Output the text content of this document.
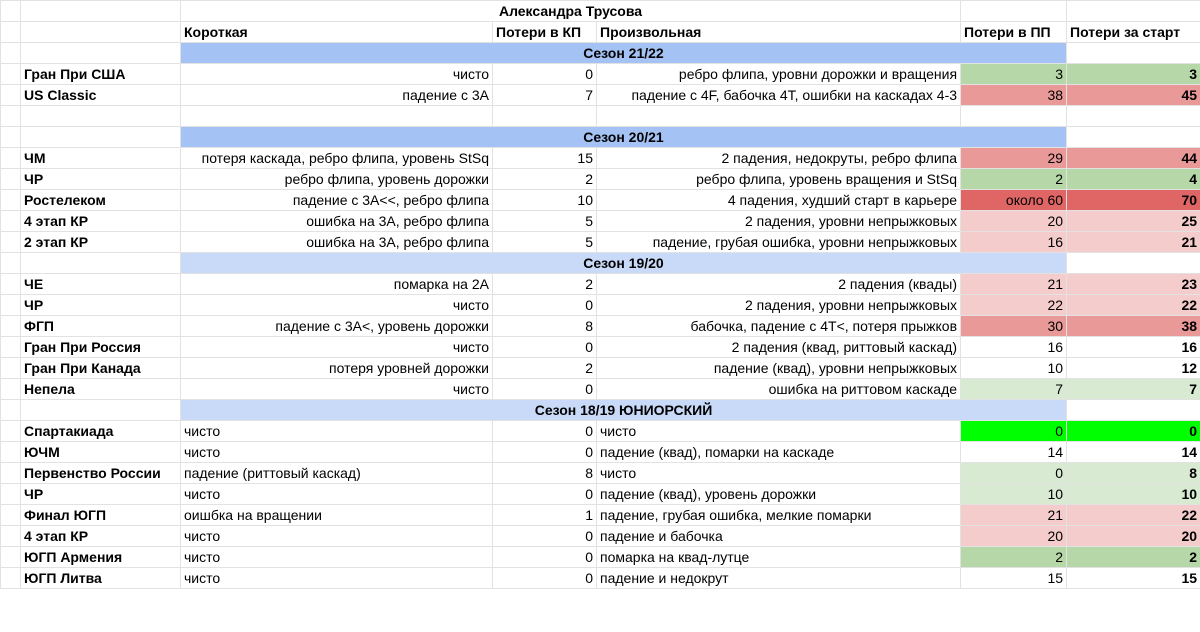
		Александра Трусова				
		Короткая	Потери в КП	Произвольная	Потери в ПП	Потери за старт
		Сезон 21/22				
	Гран При США	чисто	0	ребро флипа, уровни дорожки и вращения	3	3
	US Classic	падение с 3А	7	падение с 4F, бабочка 4Т, ошибки на каскадах 4-3	38	45

		Сезон 20/21				
	ЧМ	потеря каскада, ребро флипа, уровень StSq	15	2 падения, недокруты, ребро флипа	29	44
	ЧР	ребро флипа, уровень дорожки	2	ребро флипа, уровень вращения и StSq	2	4
	Ростелеком	падение с 3А<<, ребро флипа	10	4 падения, худший старт в карьере	около 60	70
	4 этап КР	ошибка на 3А, ребро флипа	5	2 падения, уровни непрыжковых	20	25
	2 этап КР	ошибка на 3А, ребро флипа	5	падение, грубая ошибка, уровни непрыжковых	16	21
		Сезон 19/20				
	ЧЕ	помарка на 2А	2	2 падения (квады)	21	23
	ЧР	чисто	0	2 падения, уровни непрыжковых	22	22
	ФГП	падение с 3А<, уровень дорожки	8	бабочка, падение с 4Т<, потеря прыжков	30	38
	Гран При Россия	чисто	0	2 падения (квад, риттовый каскад)	16	16
	Гран При Канада	потеря уровней дорожки	2	падение (квад), уровни непрыжковых	10	12
	Непела	чисто	0	ошибка на риттовом каскаде	7	7
		Сезон 18/19 ЮНИОРСКИЙ				
	Спартакиада	чисто	0	чисто	0	0
	ЮЧМ	чисто	0	падение (квад), помарки на каскаде	14	14
	Первенство России	падение (риттовый каскад)	8	чисто	0	8
	ЧР	чисто	0	падение (квад), уровень дорожки	10	10
	Финал ЮГП	оишбка на вращении	1	падение, грубая ошибка, мелкие помарки	21	22
	4 этап КР	чисто	0	падение и бабочка	20	20
	ЮГП Армения	чисто	0	помарка на квад-лутце	2	2
	ЮГП Литва	чисто	0	падение и недокрут	15	15
